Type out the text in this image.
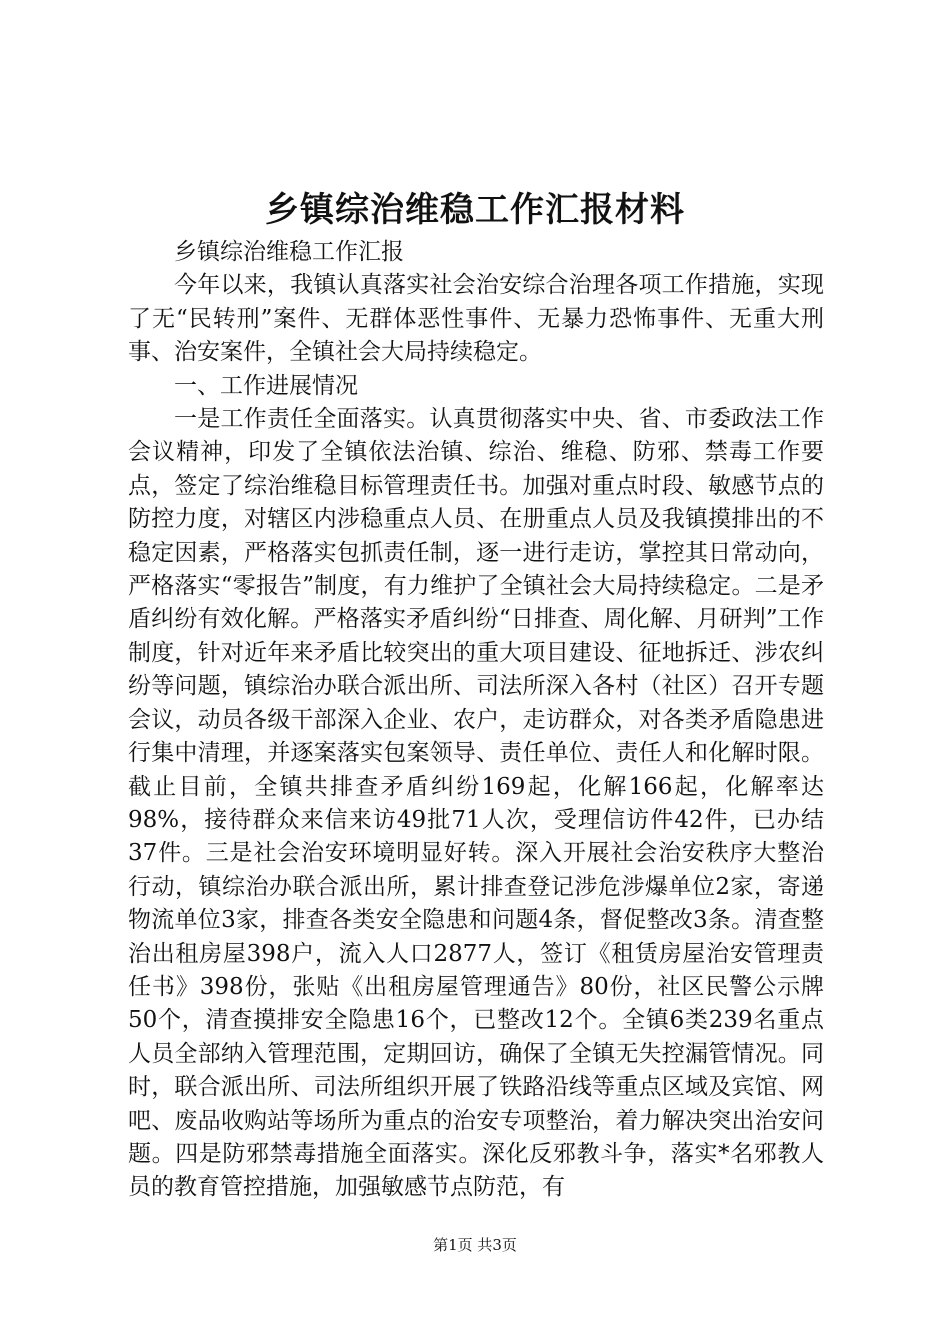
乡镇综治维稳工作汇报材料

乡镇综治维稳工作汇报

今年以来，我镇认真落实社会治安综合治理各项工作措施，实现了无“民转刑”案件、无群体恶性事件、无暴力恐怖事件、无重大刑事、治安案件，全镇社会大局持续稳定。

一、工作进展情况

一是工作责任全面落实。认真贯彻落实中央、省、市委政法工作会议精神，印发了全镇依法治镇、综治、维稳、防邪、禁毒工作要点，签定了综治维稳目标管理责任书。加强对重点时段、敏感节点的防控力度，对辖区内涉稳重点人员、在册重点人员及我镇摸排出的不稳定因素，严格落实包抓责任制，逐一进行走访，掌控其日常动向，严格落实“零报告”制度，有力维护了全镇社会大局持续稳定。二是矛盾纠纷有效化解。严格落实矛盾纠纷“日排查、周化解、月研判”工作制度，针对近年来矛盾比较突出的重大项目建设、征地拆迁、涉农纠纷等问题，镇综治办联合派出所、司法所深入各村（社区）召开专题会议，动员各级干部深入企业、农户，走访群众，对各类矛盾隐患进行集中清理，并逐案落实包案领导、责任单位、责任人和化解时限。截止目前，全镇共排查矛盾纠纷169起，化解166起，化解率达98%，接待群众来信来访49批71人次，受理信访件42件，已办结37件。三是社会治安环境明显好转。深入开展社会治安秩序大整治行动，镇综治办联合派出所，累计排查登记涉危涉爆单位2家，寄递物流单位3家，排查各类安全隐患和问题4条，督促整改3条。清查整治出租房屋398户，流入人口2877人，签订《租赁房屋治安管理责任书》398份，张贴《出租房屋管理通告》80份，社区民警公示牌50个，清查摸排安全隐患16个，已整改12个。全镇6类239名重点人员全部纳入管理范围，定期回访，确保了全镇无失控漏管情况。同时，联合派出所、司法所组织开展了铁路沿线等重点区域及宾馆、网吧、废品收购站等场所为重点的治安专项整治，着力解决突出治安问题。四是防邪禁毒措施全面落实。深化反邪教斗争，落实*名邪教人员的教育管控措施，加强敏感节点防范，有

第1页 共3页
